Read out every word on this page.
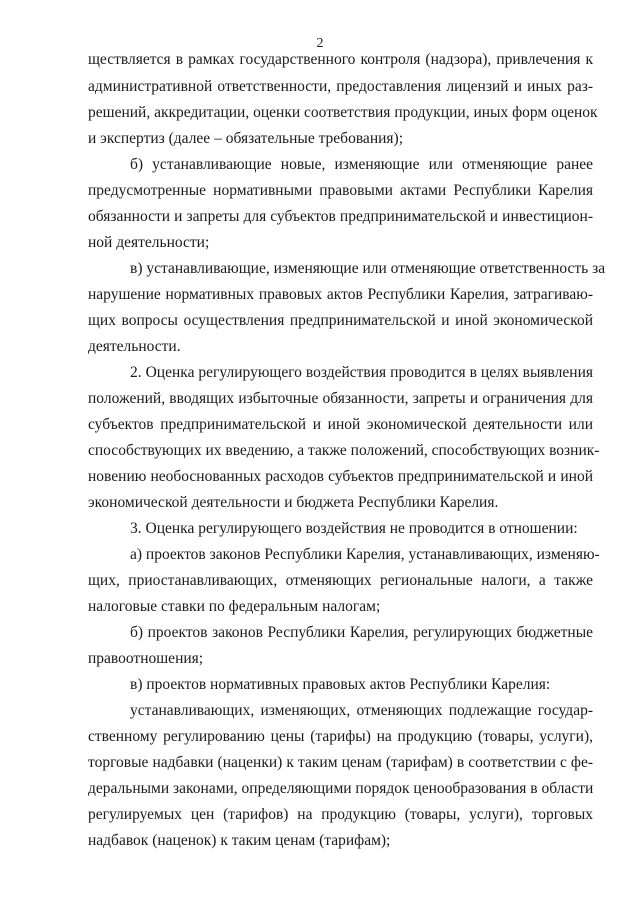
2
ществляется в рамках государственного контроля (надзора), привлечения к
административной ответственности, предоставления лицензий и иных раз-
решений, аккредитации, оценки соответствия продукции, иных форм оценок
и экспертиз (далее – обязательные требования);
б) устанавливающие новые, изменяющие или отменяющие ранее
предусмотренные нормативными правовыми актами Республики Карелия
обязанности и запреты для субъектов предпринимательской и инвестицион-
ной деятельности;
в) устанавливающие, изменяющие или отменяющие ответственность за
нарушение нормативных правовых актов Республики Карелия, затрагиваю-
щих вопросы осуществления предпринимательской и иной экономической
деятельности.
2. Оценка регулирующего воздействия проводится в целях выявления
положений, вводящих избыточные обязанности, запреты и ограничения для
субъектов предпринимательской и иной экономической деятельности или
способствующих их введению, а также положений, способствующих возник-
новению необоснованных расходов субъектов предпринимательской и иной
экономической деятельности и бюджета Республики Карелия.
3. Оценка регулирующего воздействия не проводится в отношении:
а) проектов законов Республики Карелия, устанавливающих, изменяю-
щих, приостанавливающих, отменяющих региональные налоги, а также
налоговые ставки по федеральным налогам;
б) проектов законов Республики Карелия, регулирующих бюджетные
правоотношения;
в) проектов нормативных правовых актов Республики Карелия:
устанавливающих, изменяющих, отменяющих подлежащие государ-
ственному регулированию цены (тарифы) на продукцию (товары, услуги),
торговые надбавки (наценки) к таким ценам (тарифам) в соответствии с фе-
деральными законами, определяющими порядок ценообразования в области
регулируемых цен (тарифов) на продукцию (товары, услуги), торговых
надбавок (наценок) к таким ценам (тарифам);
